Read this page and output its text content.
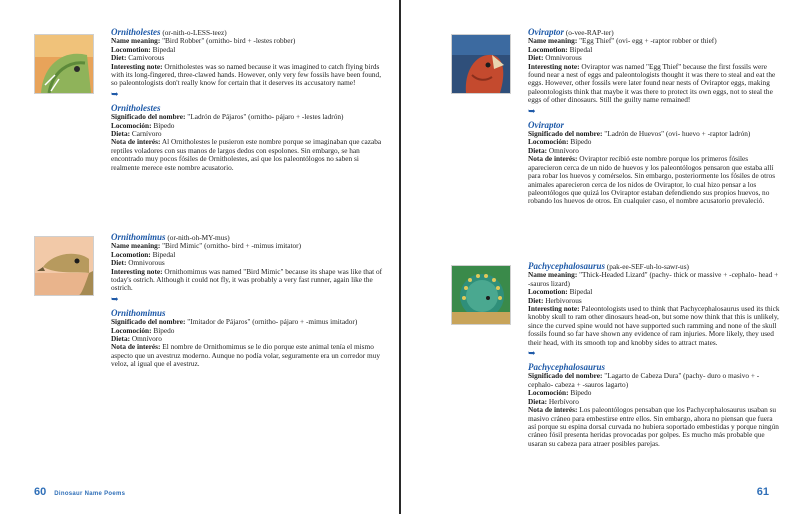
Ornitholestes (or-nith-o-LESS-teez)
Name meaning: "Bird Robber" (ornitho- bird + -lestes robber)
Locomotion: Bipedal
Diet: Carnivorous
Interesting note: Ornitholestes was so named because it was imagined to catch flying birds with its long-fingered, three-clawed hands. However, only very few fossils have been found, so paleontologists don't really know for certain that it deserves its accusatory name!
➥
Ornitholestes
Significado del nombre: "Ladrón de Pájaros" (ornitho- pájaro + -lestes ladrón)
Locomoción: Bípedo
Dieta: Carnívoro
Nota de interés: Al Ornitholestes le pusieron este nombre porque se imaginaban que cazaba reptiles voladores con sus manos de largos dedos con espolones. Sin embargo, se han encontrado muy pocos fósiles de Ornitholestes, así que los paleontólogos no saben si realmente merece este nombre acusatorio.
Ornithomimus (or-nith-oh-MY-mus)
Name meaning: "Bird Mimic" (ornitho- bird + -mimus imitator)
Locomotion: Bipedal
Diet: Omnivorous
Interesting note: Ornithomimus was named "Bird Mimic" because its shape was like that of today's ostrich. Although it could not fly, it was probably a very fast runner, again like the ostrich.
➥
Ornithomimus
Significado del nombre: "Imitador de Pájaros" (ornitho- pájaro + -mimus imitador)
Locomoción: Bípedo
Dieta: Omnívoro
Nota de interés: El nombre de Ornithomimus se le dio porque este animal tenía el mismo aspecto que un avestruz moderno. Aunque no podía volar, seguramente era un corredor muy veloz, al igual que el avestruz.
60 Dinosaur Name Poems
Oviraptor (o-vee-RAP-ter)
Name meaning: "Egg Thief" (ovi- egg + -raptor robber or thief)
Locomotion: Bipedal
Diet: Omnivorous
Interesting note: Oviraptor was named "Egg Thief" because the first fossils were found near a nest of eggs and paleontologists thought it was there to steal and eat the eggs. However, other fossils were later found near nests of Oviraptor eggs, making paleontologists think that maybe it was there to protect its own eggs, not to steal the eggs of other dinosaurs. Still the guilty name remained!
➥
Oviraptor
Significado del nombre: "Ladrón de Huevos" (ovi- huevo + -raptor ladrón)
Locomoción: Bípedo
Dieta: Omnívoro
Nota de interés: Oviraptor recibió este nombre porque los primeros fósiles aparecieron cerca de un nido de huevos y los paleontólogos pensaron que estaba allí para robar los huevos y comérselos. Sin embargo, posteriormente los fósiles de otros animales aparecieron cerca de los nidos de Oviraptor, lo cual hizo pensar a los paleontólogos que quizá los Oviraptor estaban defendiendo sus propios huevos, no robando los huevos de otros. En cualquier caso, el nombre acusatorio prevaleció.
Pachycephalosaurus (pak-ee-SEF-uh-lo-sawr-us)
Name meaning: "Thick-Headed Lizard" (pachy- thick or massive + -cephalo- head + -sauros lizard)
Locomotion: Bipedal
Diet: Herbivorous
Interesting note: Paleontologists used to think that Pachycephalosaurus used its thick knobby skull to ram other dinosaurs head-on, but some now think that this is unlikely, since the curved spine would not have supported such ramming and none of the skull fossils found so far have shown any evidence of ram injuries. More likely, they used their head, with its smooth top and knobby sides to attract mates.
➥
Pachycephalosaurus
Significado del nombre: "Lagarto de Cabeza Dura" (pachy- duro o masivo + -cephalo- cabeza + -sauros lagarto)
Locomoción: Bípedo
Dieta: Herbívoro
Nota de interés: Los paleontólogos pensaban que los Pachycephalosaurus usaban su masivo cráneo para embestirse entre ellos. Sin embargo, ahora no piensan que fuera así porque su espina dorsal curvada no hubiera soportado embestidas y porque ningún cráneo fósil presenta heridas provocadas por golpes. Es mucho más probable que usaran su cabeza para atraer posibles parejas.
61
